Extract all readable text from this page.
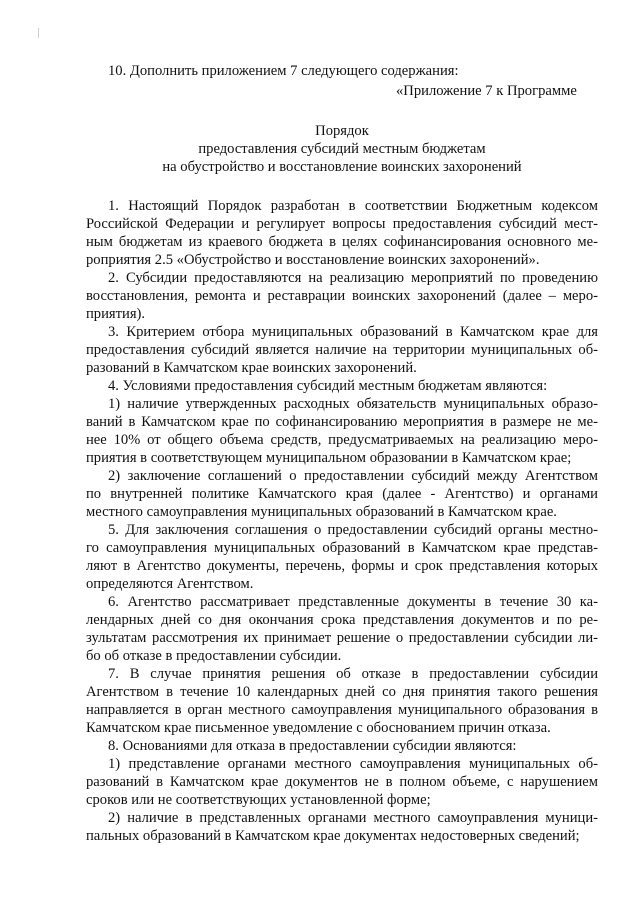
10. Дополнить приложением 7 следующего содержания:
«Приложение 7 к Программе
Порядок
предоставления субсидий местным бюджетам
на обустройство и восстановление воинских захоронений
1. Настоящий Порядок разработан в соответствии Бюджетным кодексом
Российской Федерации и регулирует вопросы предоставления субсидий мест-
ным бюджетам из краевого бюджета в целях софинансирования основного ме-
роприятия 2.5 «Обустройство и восстановление воинских захоронений».
2. Субсидии предоставляются на реализацию мероприятий по проведению
восстановления, ремонта и реставрации воинских захоронений (далее – меро-
приятия).
3. Критерием отбора муниципальных образований в Камчатском крае для
предоставления субсидий является наличие на территории муниципальных об-
разований в Камчатском крае воинских захоронений.
4. Условиями предоставления субсидий местным бюджетам являются:
1) наличие утвержденных расходных обязательств муниципальных образо-
ваний в Камчатском крае по софинансированию мероприятия в размере не ме-
нее 10% от общего объема средств, предусматриваемых на реализацию меро-
приятия в соответствующем муниципальном образовании в Камчатском крае;
2) заключение соглашений о предоставлении субсидий между Агентством
по внутренней политике Камчатского края (далее - Агентство) и органами
местного самоуправления муниципальных образований в Камчатском крае.
5. Для заключения соглашения о предоставлении субсидий органы местно-
го самоуправления муниципальных образований в Камчатском крае представ-
ляют в Агентство документы, перечень, формы и срок представления которых
определяются Агентством.
6. Агентство рассматривает представленные документы в течение 30 ка-
лендарных дней со дня окончания срока представления документов и по ре-
зультатам рассмотрения их принимает решение о предоставлении субсидии ли-
бо об отказе в предоставлении субсидии.
7. В случае принятия решения об отказе в предоставлении субсидии
Агентством в течение 10 календарных дней со дня принятия такого решения
направляется в орган местного самоуправления муниципального образования в
Камчатском крае письменное уведомление с обоснованием причин отказа.
8. Основаниями для отказа в предоставлении субсидии являются:
1) представление органами местного самоуправления муниципальных об-
разований в Камчатском крае документов не в полном объеме, с нарушением
сроков или не соответствующих установленной форме;
2) наличие в представленных органами местного самоуправления муници-
пальных образований в Камчатском крае документах недостоверных сведений;
